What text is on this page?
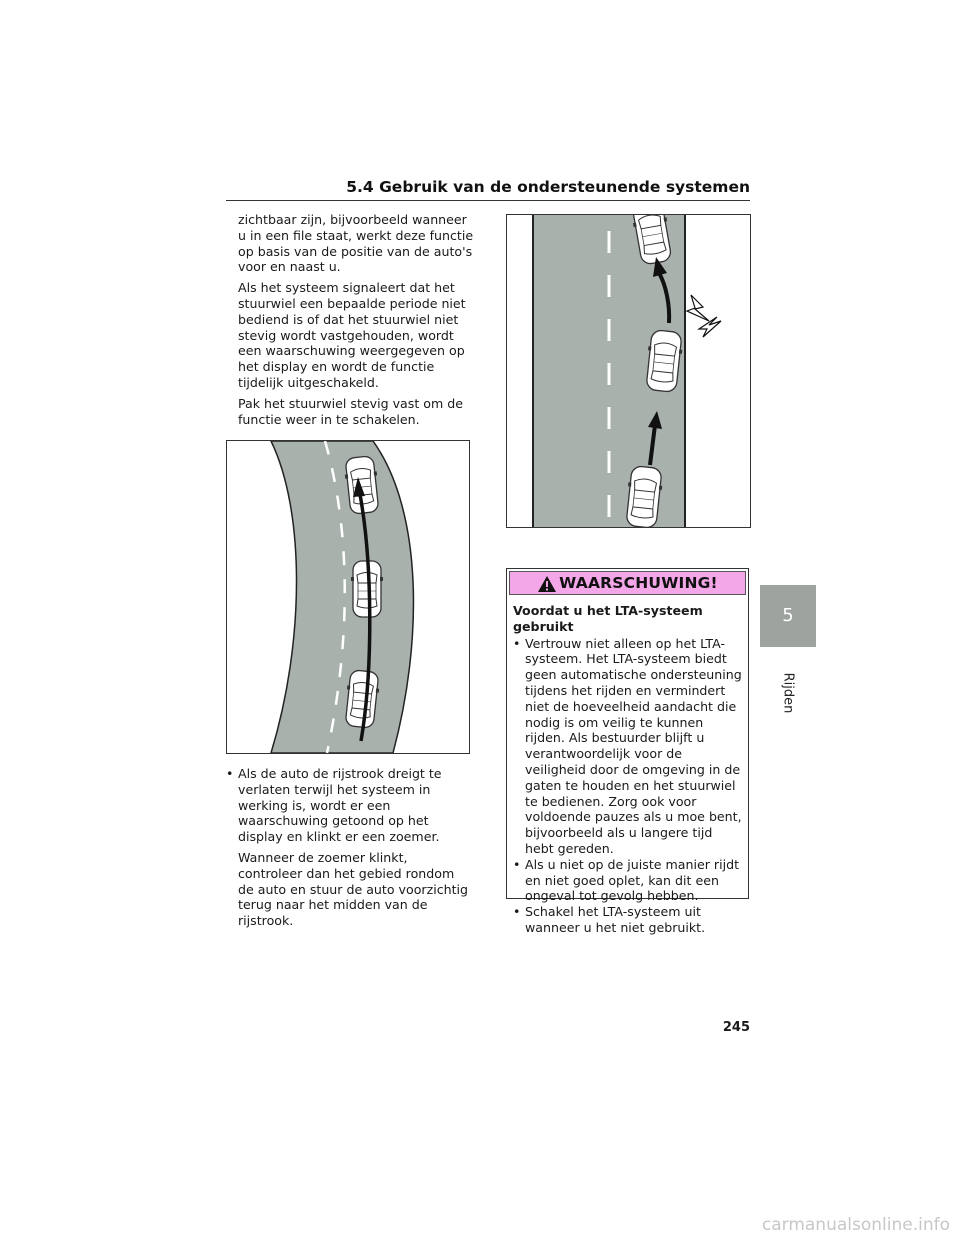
5.4 Gebruik van de ondersteunende systemen

zichtbaar zijn, bijvoorbeeld wanneer u in een file staat, werkt deze functie op basis van de positie van de auto's voor en naast u.

Als het systeem signaleert dat het stuurwiel een bepaalde periode niet bediend is of dat het stuurwiel niet stevig wordt vastgehouden, wordt een waarschuwing weergegeven op het display en wordt de functie tijdelijk uitgeschakeld.

Pak het stuurwiel stevig vast om de functie weer in te schakelen.

• Als de auto de rijstrook dreigt te verlaten terwijl het systeem in werking is, wordt er een waarschuwing getoond op het display en klinkt er een zoemer.
Wanneer de zoemer klinkt, controleer dan het gebied rondom de auto en stuur de auto voorzichtig terug naar het midden van de rijstrook.
WAARSCHUWING!
Voordat u het LTA-systeem gebruikt
• Vertrouw niet alleen op het LTA-systeem. Het LTA-systeem biedt geen automatische ondersteuning tijdens het rijden en vermindert niet de hoeveelheid aandacht die nodig is om veilig te kunnen rijden. Als bestuurder blijft u verantwoordelijk voor de veiligheid door de omgeving in de gaten te houden en het stuurwiel te bedienen. Zorg ook voor voldoende pauzes als u moe bent, bijvoorbeeld als u langere tijd hebt gereden.
• Als u niet op de juiste manier rijdt en niet goed oplet, kan dit een ongeval tot gevolg hebben.
• Schakel het LTA-systeem uit wanneer u het niet gebruikt.
5
Rijden
245
carmanualsonline.info
